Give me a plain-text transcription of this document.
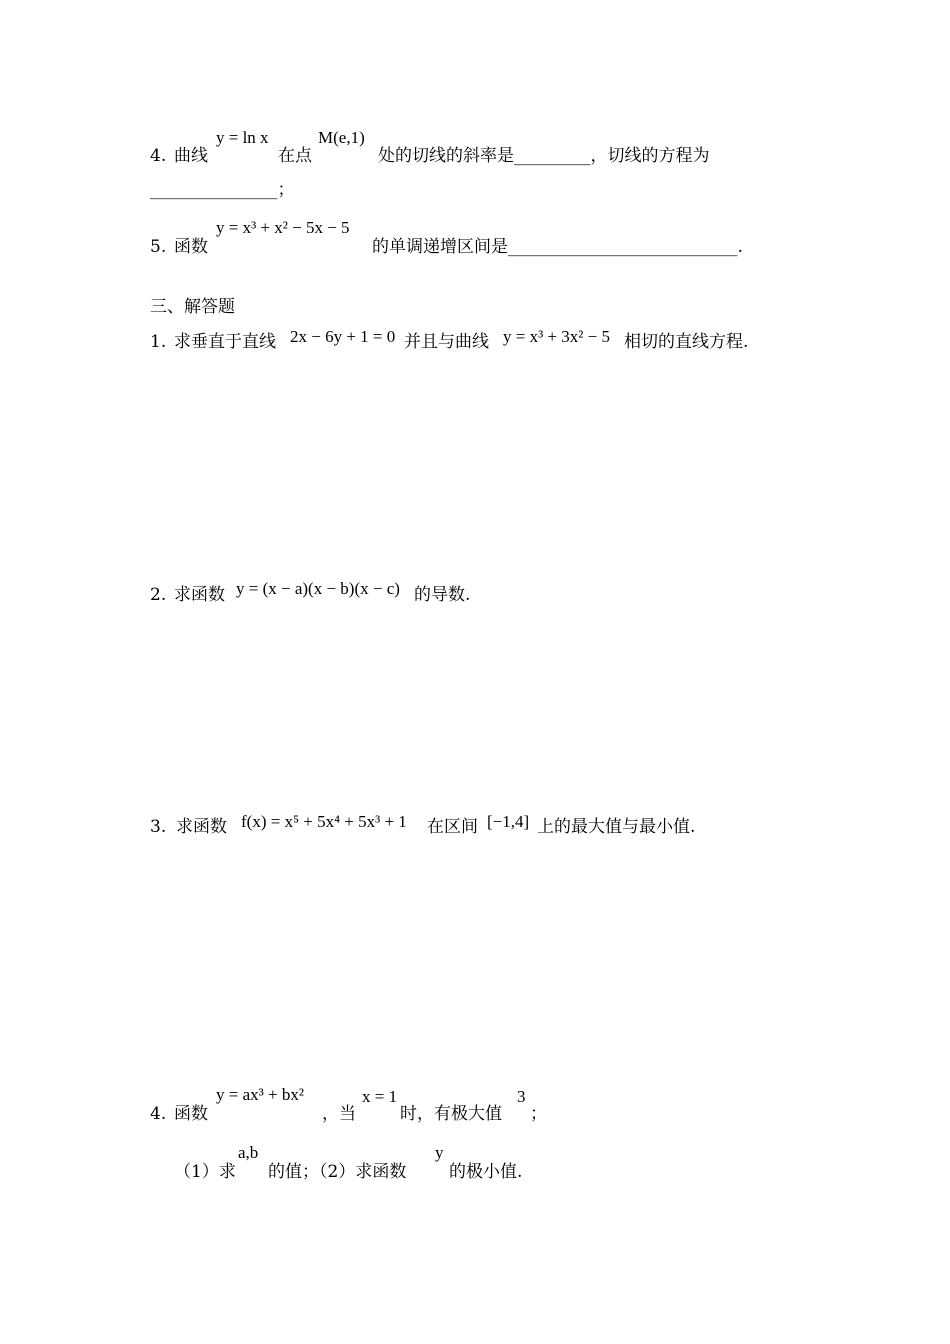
4. 曲线
y = ln x
在点
M(e,1)
处的切线的斜率是_________，切线的方程为
_______________；
5. 函数
y = x³ + x² − 5x − 5
的单调递增区间是___________________________.
三、解答题
1. 求垂直于直线 2x − 6y + 1 = 0 并且与曲线 y = x³ + 3x² − 5 相切的直线方程.
2. 求函数 y = (x − a)(x − b)(x − c) 的导数.
3. 求函数 f(x) = x⁵ + 5x⁴ + 5x³ + 1 在区间 [−1,4] 上的最大值与最小值.
4. 函数
y = ax³ + bx²
，当
x = 1
时，有极大值
3
；
（1）求
a,b
的值；（2）求函数
y
的极小值.
